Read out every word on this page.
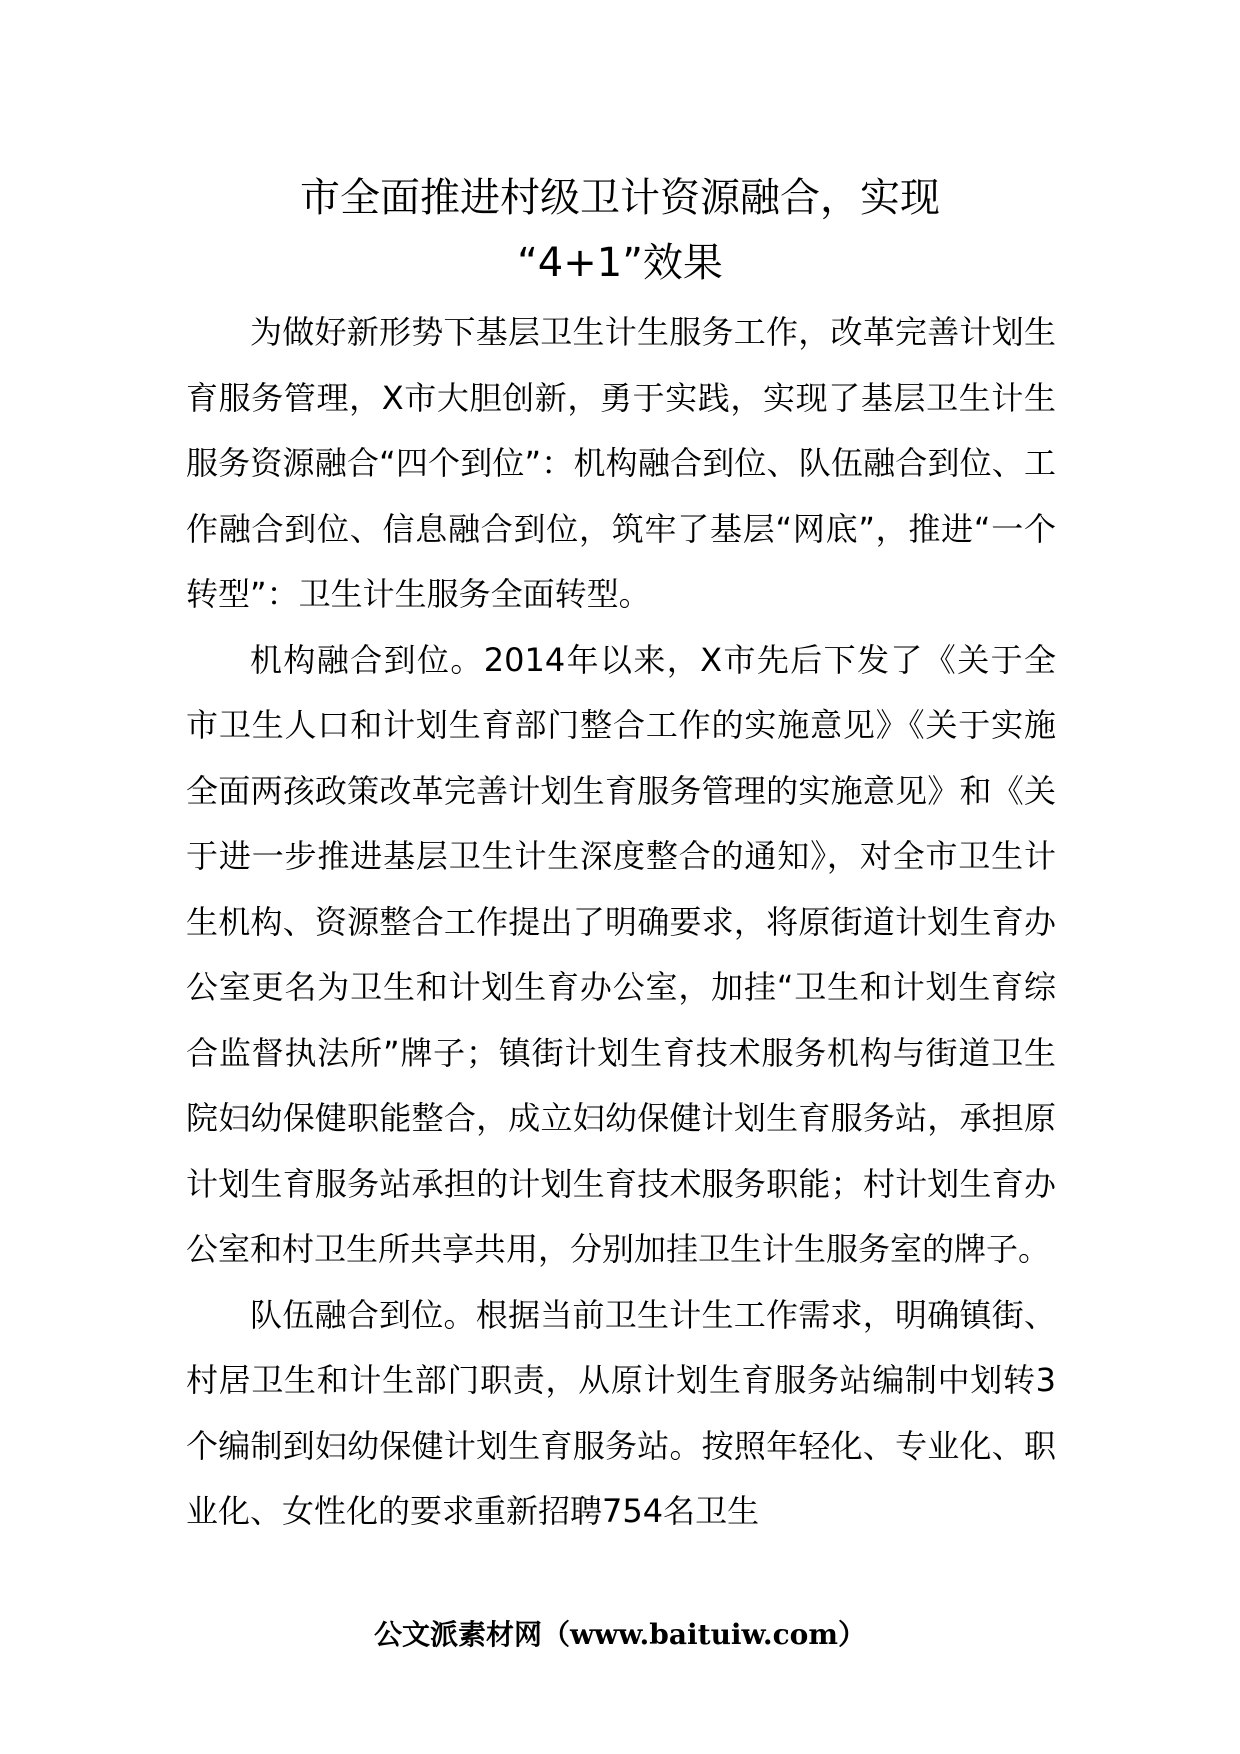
市全面推进村级卫计资源融合，实现
“4+1”效果

为做好新形势下基层卫生计生服务工作，改革完善计划生育服务管理，X市大胆创新，勇于实践，实现了基层卫生计生服务资源融合“四个到位”：机构融合到位、队伍融合到位、工作融合到位、信息融合到位，筑牢了基层“网底”，推进“一个转型”：卫生计生服务全面转型。

机构融合到位。2014年以来，X市先后下发了《关于全市卫生人口和计划生育部门整合工作的实施意见》《关于实施全面两孩政策改革完善计划生育服务管理的实施意见》和《关于进一步推进基层卫生计生深度整合的通知》，对全市卫生计生机构、资源整合工作提出了明确要求，将原街道计划生育办公室更名为卫生和计划生育办公室，加挂“卫生和计划生育综合监督执法所”牌子；镇街计划生育技术服务机构与街道卫生院妇幼保健职能整合，成立妇幼保健计划生育服务站，承担原计划生育服务站承担的计划生育技术服务职能；村计划生育办公室和村卫生所共享共用，分别加挂卫生计生服务室的牌子。

队伍融合到位。根据当前卫生计生工作需求，明确镇街、村居卫生和计生部门职责，从原计划生育服务站编制中划转3个编制到妇幼保健计划生育服务站。按照年轻化、专业化、职业化、女性化的要求重新招聘754名卫生

公文派素材网（www.baituiw.com）
